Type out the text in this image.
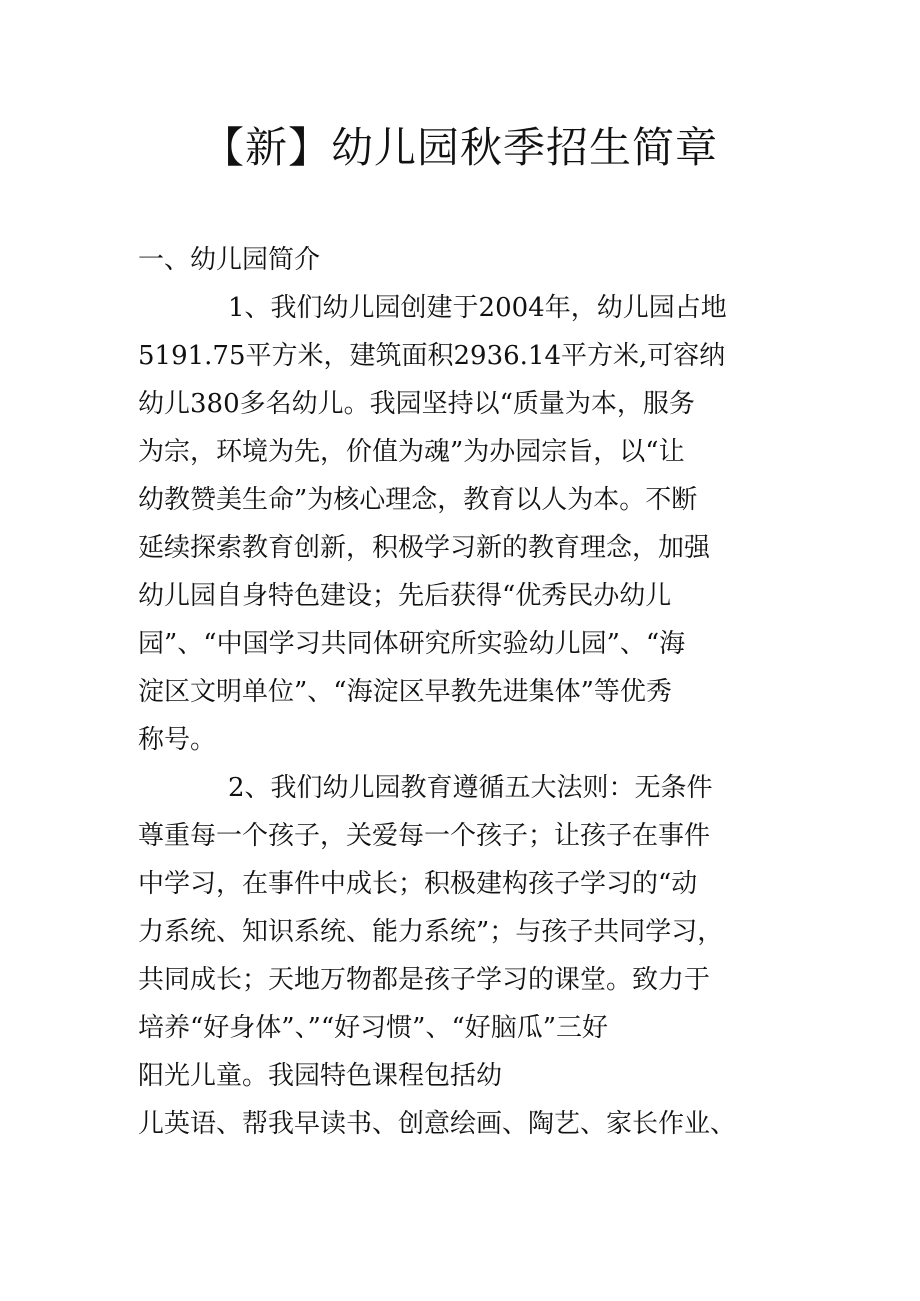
【新】幼儿园秋季招生简章
一、幼儿园简介
1、我们幼儿园创建于2004年，幼儿园占地
5191.75平方米，建筑面积2936.14平方米,可容纳
幼儿380多名幼儿。我园坚持以“质量为本，服务
为宗，环境为先，价值为魂”为办园宗旨，以“让
幼教赞美生命”为核心理念，教育以人为本。不断
延续探索教育创新，积极学习新的教育理念，加强
幼儿园自身特色建设；先后获得“优秀民办幼儿
园”、“中国学习共同体研究所实验幼儿园”、“海
淀区文明单位”、“海淀区早教先进集体”等优秀
称号。
2、我们幼儿园教育遵循五大法则：无条件
尊重每一个孩子，关爱每一个孩子；让孩子在事件
中学习，在事件中成长；积极建构孩子学习的“动
力系统、知识系统、能力系统”；与孩子共同学习，
共同成长；天地万物都是孩子学习的课堂。致力于
培养“好身体”、”“好习惯”、“好脑瓜”三好
阳光儿童。我园特色课程包括幼
儿英语、帮我早读书、创意绘画、陶艺、家长作业、
